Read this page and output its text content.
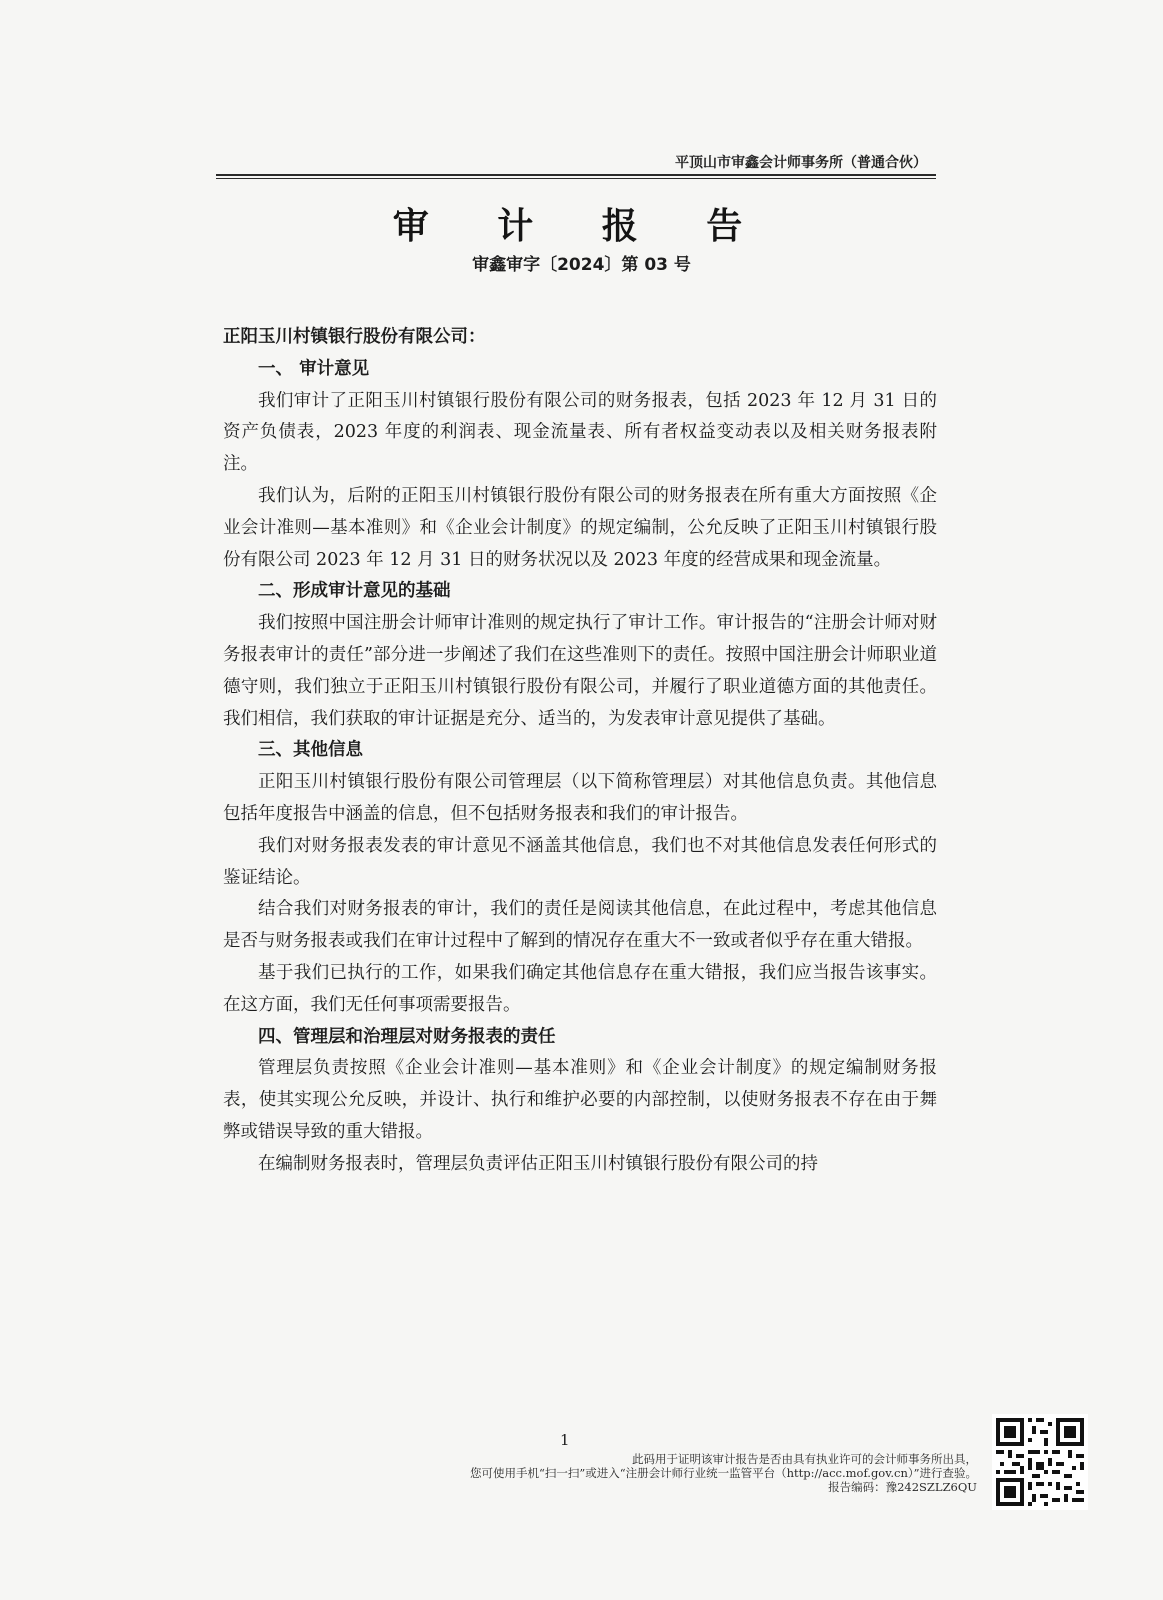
平顶山市审鑫会计师事务所（普通合伙）
审 计 报 告
审鑫审字〔2024〕第 03 号

正阳玉川村镇银行股份有限公司：

一、 审计意见

我们审计了正阳玉川村镇银行股份有限公司的财务报表，包括 2023 年 12 月 31 日的资产负债表，2023 年度的利润表、现金流量表、所有者权益变动表以及相关财务报表附注。

我们认为，后附的正阳玉川村镇银行股份有限公司的财务报表在所有重大方面按照《企业会计准则—基本准则》和《企业会计制度》的规定编制，公允反映了正阳玉川村镇银行股份有限公司 2023 年 12 月 31 日的财务状况以及 2023 年度的经营成果和现金流量。

二、形成审计意见的基础

我们按照中国注册会计师审计准则的规定执行了审计工作。审计报告的“注册会计师对财务报表审计的责任”部分进一步阐述了我们在这些准则下的责任。按照中国注册会计师职业道德守则，我们独立于正阳玉川村镇银行股份有限公司，并履行了职业道德方面的其他责任。我们相信，我们获取的审计证据是充分、适当的，为发表审计意见提供了基础。

三、其他信息

正阳玉川村镇银行股份有限公司管理层（以下简称管理层）对其他信息负责。其他信息包括年度报告中涵盖的信息，但不包括财务报表和我们的审计报告。

我们对财务报表发表的审计意见不涵盖其他信息，我们也不对其他信息发表任何形式的鉴证结论。

结合我们对财务报表的审计，我们的责任是阅读其他信息，在此过程中，考虑其他信息是否与财务报表或我们在审计过程中了解到的情况存在重大不一致或者似乎存在重大错报。

基于我们已执行的工作，如果我们确定其他信息存在重大错报，我们应当报告该事实。在这方面，我们无任何事项需要报告。

四、管理层和治理层对财务报表的责任

管理层负责按照《企业会计准则—基本准则》和《企业会计制度》的规定编制财务报表，使其实现公允反映，并设计、执行和维护必要的内部控制，以使财务报表不存在由于舞弊或错误导致的重大错报。

在编制财务报表时，管理层负责评估正阳玉川村镇银行股份有限公司的持

1
此码用于证明该审计报告是否由具有执业许可的会计师事务所出具，
您可使用手机“扫一扫”或进入“注册会计师行业统一监管平台（http://acc.mof.gov.cn）”进行查验。
报告编码：豫242SZLZ6QU
